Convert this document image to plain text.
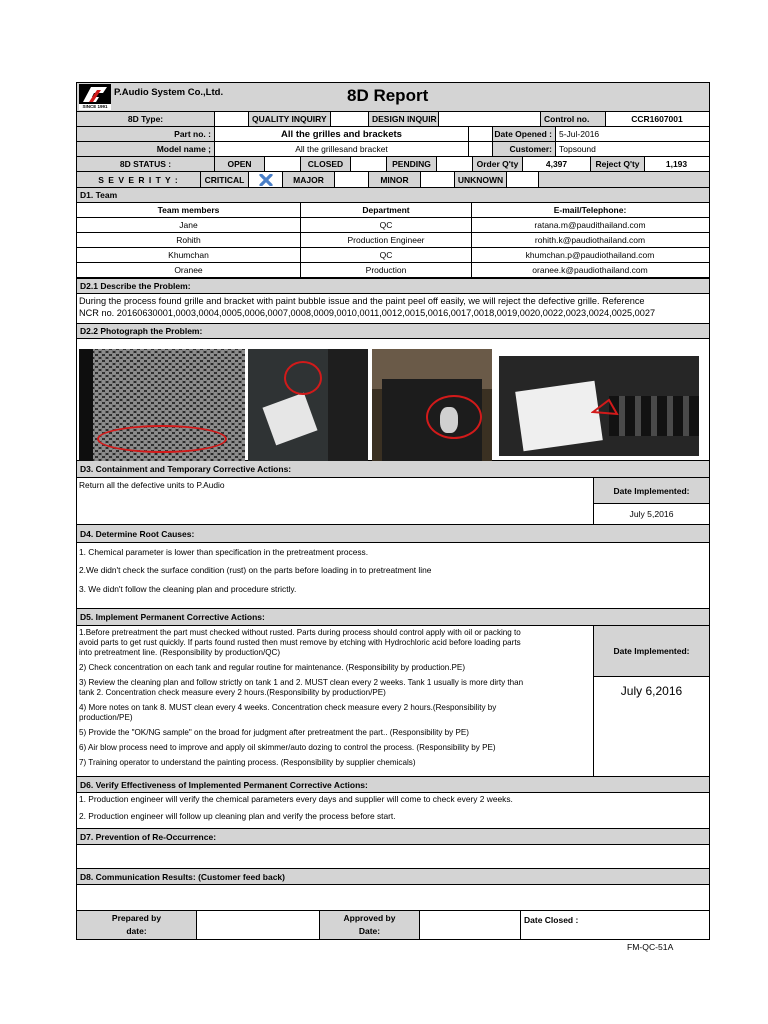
SINCE 1991
P.Audio System Co.,Ltd.	8D Report
8D Type:	QUALITY INQUIRY	DESIGN INQUIR	Control no.	CCR1607001
Part no. :	All the grilles and brackets	Date Opened : 5-Jul-2016
Model name ;	All the grillesand bracket	Customer: Topsound
8D STATUS :	OPEN	CLOSED	PENDING	Order Q'ty	4,397	Reject Q'ty	1,193
S E V E R I T Y :	CRITICAL	MAJOR	MINOR	UNKNOWN
D1. Team
Team members	Department	E-mail/Telephone:
Jane	QC	ratana.m@paudithailand.com
Rohith	Production Engineer	rohith.k@paudiothailand.com
Khumchan	QC	khumchan.p@paudiothailand.com
Oranee	Production	oranee.k@paudiothailand.com
D2.1 Describe the Problem:
During the process found grille and bracket with paint bubble issue and the paint peel off easily, we will reject the defective grille. Reference
NCR no. 20160630001,0003,0004,0005,0006,0007,0008,0009,0010,0011,0012,0015,0016,0017,0018,0019,0020,0022,0023,0024,0025,0027
D2.2 Photograph the Problem:
D3. Containment and Temporary Corrective Actions:
Return all the defective units to P.Audio
Date Implemented:
July 5,2016
D4. Determine Root Causes:
1. Chemical parameter is lower than specification in the pretreatment process.
2.We didn't check the surface condition (rust) on the parts before loading in to pretreatment line
3. We didn't follow the cleaning plan and procedure strictly.
D5. Implement Permanent Corrective Actions:
1.Before pretreatment the part must checked without rusted. Parts during process should control apply with oil or packing to
avoid parts to get rust quickly. If parts found rusted then must remove by etching with Hydrochloric acid before loading parts
into pretreatment line. (Responsibility by production/QC)
2) Check concentration on each tank and regular routine for maintenance. (Responsibility by production.PE)
3) Review the cleaning plan and follow strictly on tank 1 and 2. MUST clean every 2 weeks. Tank 1 usually is more dirty than
tank 2. Concentration check measure every 2 hours.(Responsibility by production/PE)
4) More notes on tank 8. MUST clean every 4 weeks. Concentration check measure every 2 hours.(Responsibility by
production/PE)
5) Provide the "OK/NG sample" on the broad for judgment after pretreatment the part.. (Responsibility by PE)
6) Air blow process need to improve and apply oil skimmer/auto dozing to control the process. (Responsibility by PE)
7) Training operator to understand the painting process. (Responsibility by supplier chemicals)
Date Implemented:
July 6,2016
D6. Verify Effectiveness of Implemented Permanent Corrective Actions:
1. Production engineer will verify the chemical parameters every days and supplier will come to check every 2 weeks.
2. Production engineer will follow up cleaning plan and verify the process before start.
D7. Prevention of Re-Occurrence:
D8. Communication Results: (Customer feed back)
Prepared by
date:
Approved by
Date:
Date Closed :
FM-QC-51A
